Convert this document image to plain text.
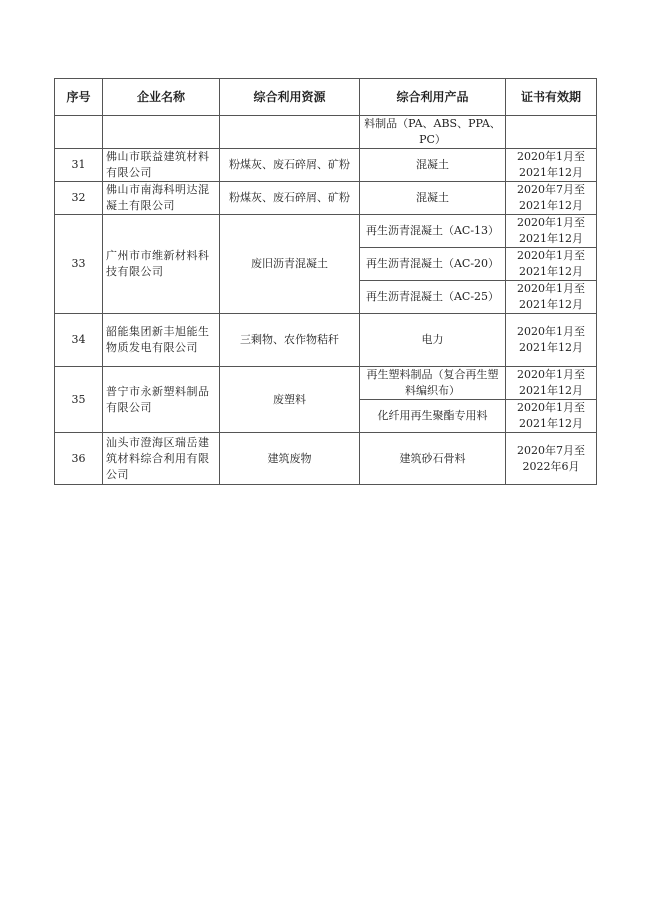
序号	企业名称	综合利用资源	综合利用产品	证书有效期
			料制品（PA、ABS、PPA、PC）	
31	佛山市联益建筑材料有限公司	粉煤灰、废石碎屑、矿粉	混凝土	2020年1月至2021年12月
32	佛山市南海科明达混凝土有限公司	粉煤灰、废石碎屑、矿粉	混凝土	2020年7月至2021年12月
33	广州市市维新材料科技有限公司	废旧沥青混凝土	再生沥青混凝土（AC-13）	2020年1月至2021年12月
			再生沥青混凝土（AC-20）	2020年1月至2021年12月
			再生沥青混凝土（AC-25）	2020年1月至2021年12月
34	韶能集团新丰旭能生物质发电有限公司	三剩物、农作物秸秆	电力	2020年1月至2021年12月
35	普宁市永新塑料制品有限公司	废塑料	再生塑料制品（复合再生塑料编织布）	2020年1月至2021年12月
			化纤用再生聚酯专用料	2020年1月至2021年12月
36	汕头市澄海区瑞岳建筑材料综合利用有限公司	建筑废物	建筑砂石骨料	2020年7月至2022年6月
